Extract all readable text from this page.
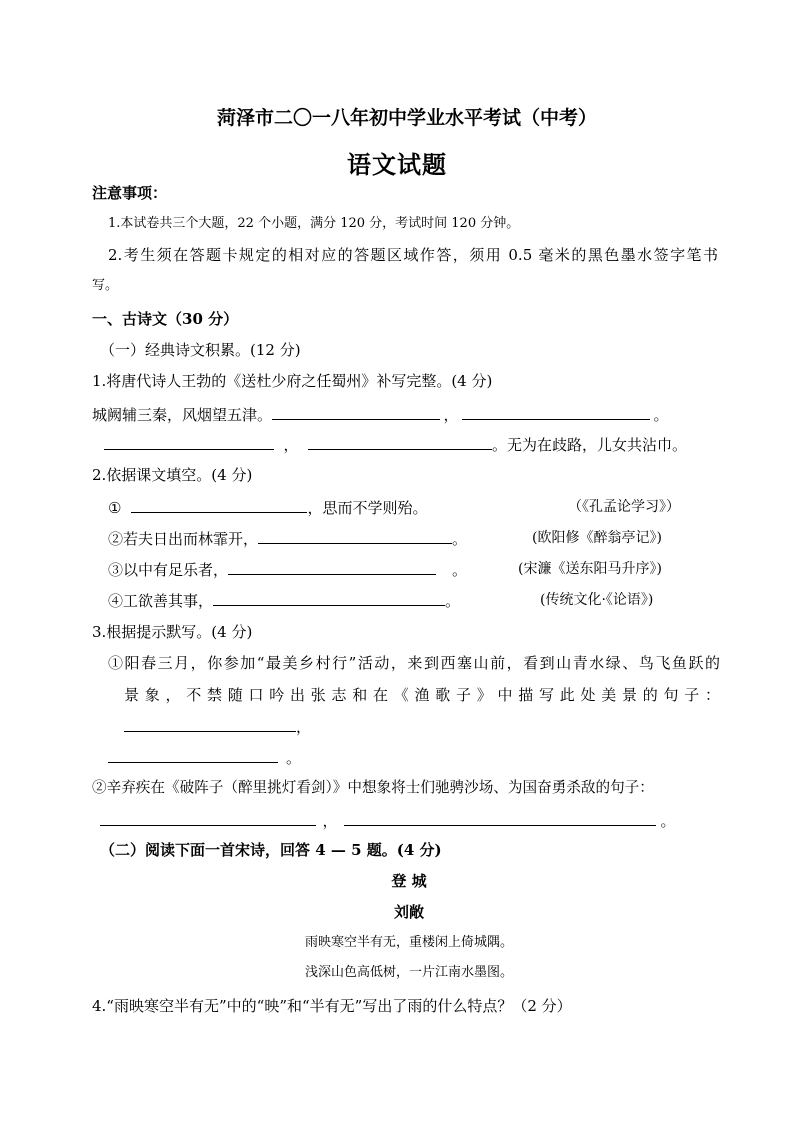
菏泽市二〇一八年初中学业水平考试（中考）
语文试题
注意事项：
1.本试卷共三个大题，22 个小题，满分 120 分，考试时间 120 分钟。
2.考生须在答题卡规定的相对应的答题区域作答，须用 0.5 毫米的黑色墨水签字笔书
写。
一、古诗文（30 分）
（一）经典诗文积累。(12 分)
1.将唐代诗人王勃的《送杜少府之任蜀州》补写完整。(4 分)
城阙辅三秦，风烟望五津。	，	。
，	。无为在歧路，儿女共沾巾。
2.依据课文填空。(4 分)
①	，思而不学则殆。	（《孔孟论学习》）
②若夫日出而林霏开，	。	(欧阳修《醉翁亭记》)
③以中有足乐者，	。	(宋濂《送东阳马升序》)
④工欲善其事，	。	(传统文化·《论语》)
3.根据提示默写。(4 分)
①阳春三月，你参加“最美乡村行”活动，来到西塞山前，看到山青水绿、鸟飞鱼跃的
景象，不禁随口吟出张志和在《渔歌子》中描写此处美景的句子：
，
。
②辛弃疾在《破阵子（醉里挑灯看剑）》中想象将士们驰骋沙场、为国奋勇杀敌的句子：
，	。
（二）阅读下面一首宋诗，回答 4 — 5 题。(4 分)
登 城
刘敞
雨映寒空半有无，重楼闲上倚城隅。
浅深山色高低树，一片江南水墨图。
4.“雨映寒空半有无”中的“映”和“半有无”写出了雨的什么特点？（2 分）
